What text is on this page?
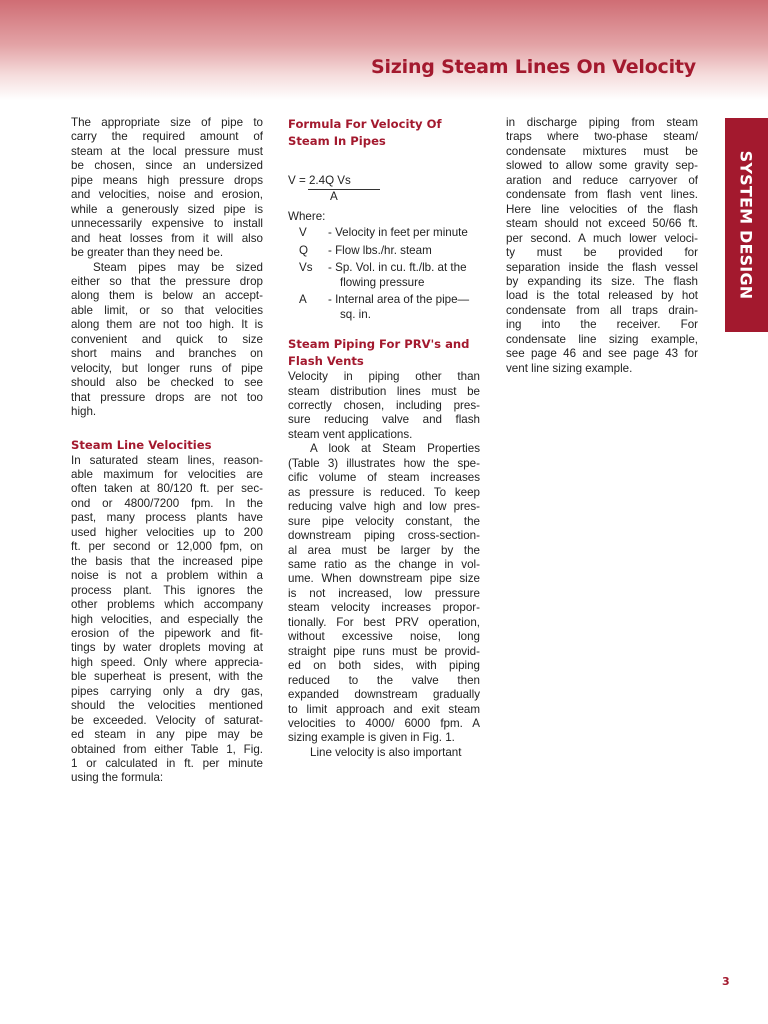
Sizing Steam Lines On Velocity
SYSTEM DESIGN

The appropriate size of pipe to
carry the required amount of
steam at the local pressure must
be chosen, since an undersized
pipe means high pressure drops
and velocities, noise and erosion,
while a generously sized pipe is
unnecessarily expensive to install
and heat losses from it will also
be greater than they need be.

Steam pipes may be sized
either so that the pressure drop
along them is below an accept-
able limit, or so that velocities
along them are not too high. It is
convenient and quick to size
short mains and branches on
velocity, but longer runs of pipe
should also be checked to see
that pressure drops are not too
high.

Steam Line Velocities

In saturated steam lines, reason-
able maximum for velocities are
often taken at 80/120 ft. per sec-
ond or 4800/7200 fpm. In the
past, many process plants have
used higher velocities up to 200
ft. per second or 12,000 fpm, on
the basis that the increased pipe
noise is not a problem within a
process plant. This ignores the
other problems which accompany
high velocities, and especially the
erosion of the pipework and fit-
tings by water droplets moving at
high speed. Only where apprecia-
ble superheat is present, with the
pipes carrying only a dry gas,
should the velocities mentioned
be exceeded. Velocity of saturat-
ed steam in any pipe may be
obtained from either Table 1, Fig.
1 or calculated in ft. per minute
using the formula:

Formula For Velocity Of
Steam In Pipes
V = 2.4Q Vs
A
Where:
V	- Velocity in feet per minute
Q	- Flow lbs./hr. steam
Vs	- Sp. Vol. in cu. ft./lb. at the
flowing pressure
A	- Internal area of the pipe—
sq. in.
Steam Piping For PRV's and
Flash Vents

Velocity in piping other than
steam distribution lines must be
correctly chosen, including pres-
sure reducing valve and flash
steam vent applications.

A look at Steam Properties
(Table 3) illustrates how the spe-
cific volume of steam increases
as pressure is reduced. To keep
reducing valve high and low pres-
sure pipe velocity constant, the
downstream piping cross-section-
al area must be larger by the
same ratio as the change in vol-
ume. When downstream pipe size
is not increased, low pressure
steam velocity increases propor-
tionally. For best PRV operation,
without excessive noise, long
straight pipe runs must be provid-
ed on both sides, with piping
reduced to the valve then
expanded downstream gradually
to limit approach and exit steam
velocities to 4000/ 6000 fpm. A
sizing example is given in Fig. 1.

Line velocity is also important

in discharge piping from steam
traps where two-phase steam/
condensate mixtures must be
slowed to allow some gravity sep-
aration and reduce carryover of
condensate from flash vent lines.
Here line velocities of the flash
steam should not exceed 50/66 ft.
per second. A much lower veloci-
ty must be provided for
separation inside the flash vessel
by expanding its size. The flash
load is the total released by hot
condensate from all traps drain-
ing into the receiver. For
condensate line sizing example,
see page 46 and see page 43 for
vent line sizing example.

3
